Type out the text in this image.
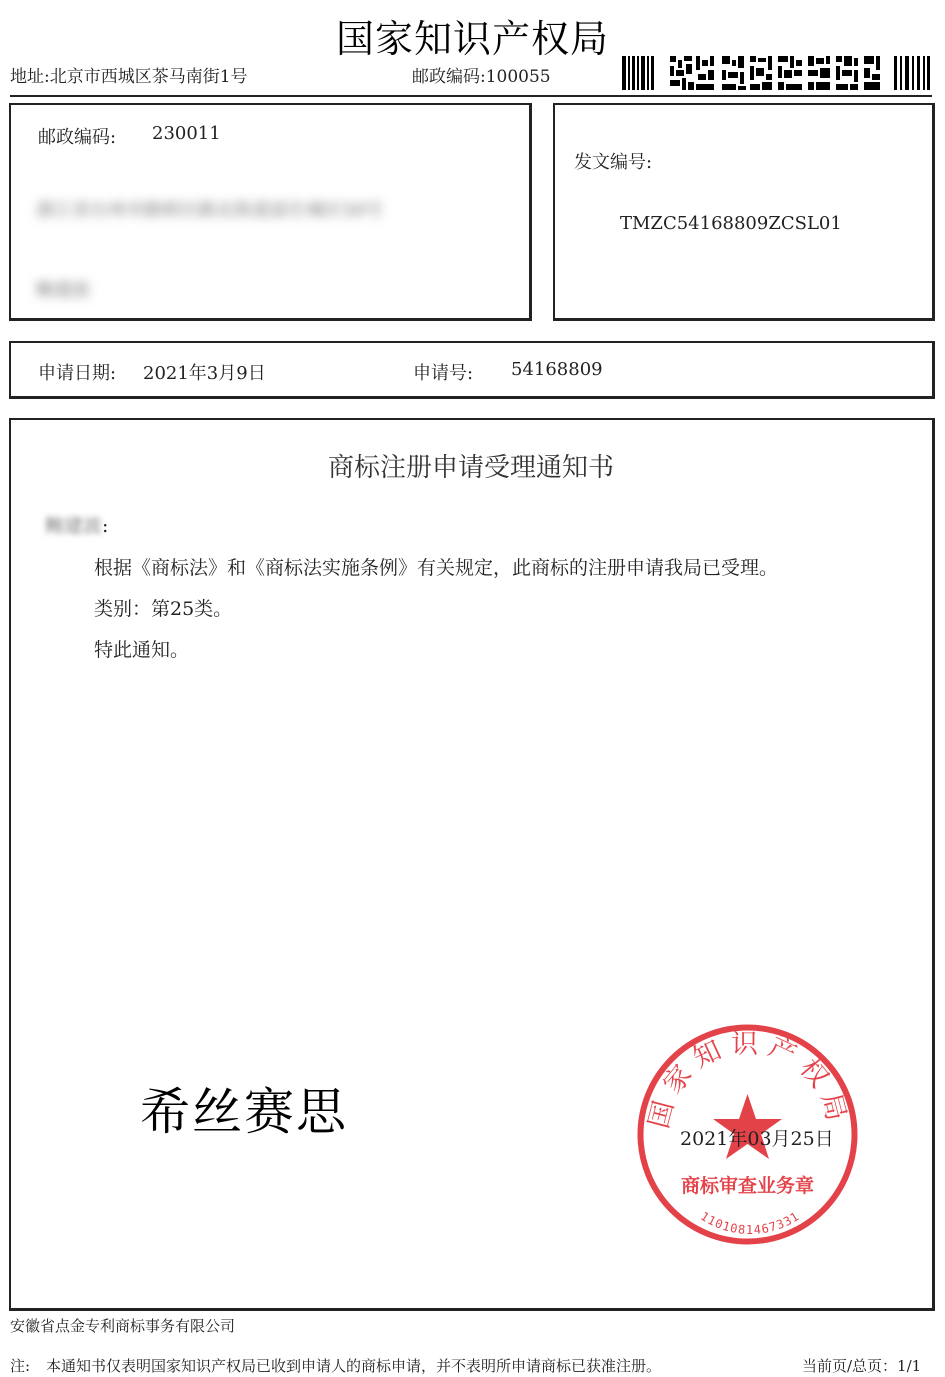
国家知识产权局
地址:北京市西城区茶马南街1号	邮政编码:100055
邮政编码: 230011
浙江省台州市路桥区路北街道富仕城区50号
鲍建波
发文编号:
TMZC54168809ZCSL01
申请日期: 2021年3月9日	申请号: 54168809
商标注册申请受理通知书
鲍建波:
根据《商标法》和《商标法实施条例》有关规定，此商标的注册申请我局已受理。
类别：第25类。
特此通知。
希丝赛思	国家知识产权局
商标审查业务章
1101081467331
2021年03月25日
安徽省点金专利商标事务有限公司
注: 本通知书仅表明国家知识产权局已收到申请人的商标申请，并不表明所申请商标已获准注册。	当前页/总页：1/1
